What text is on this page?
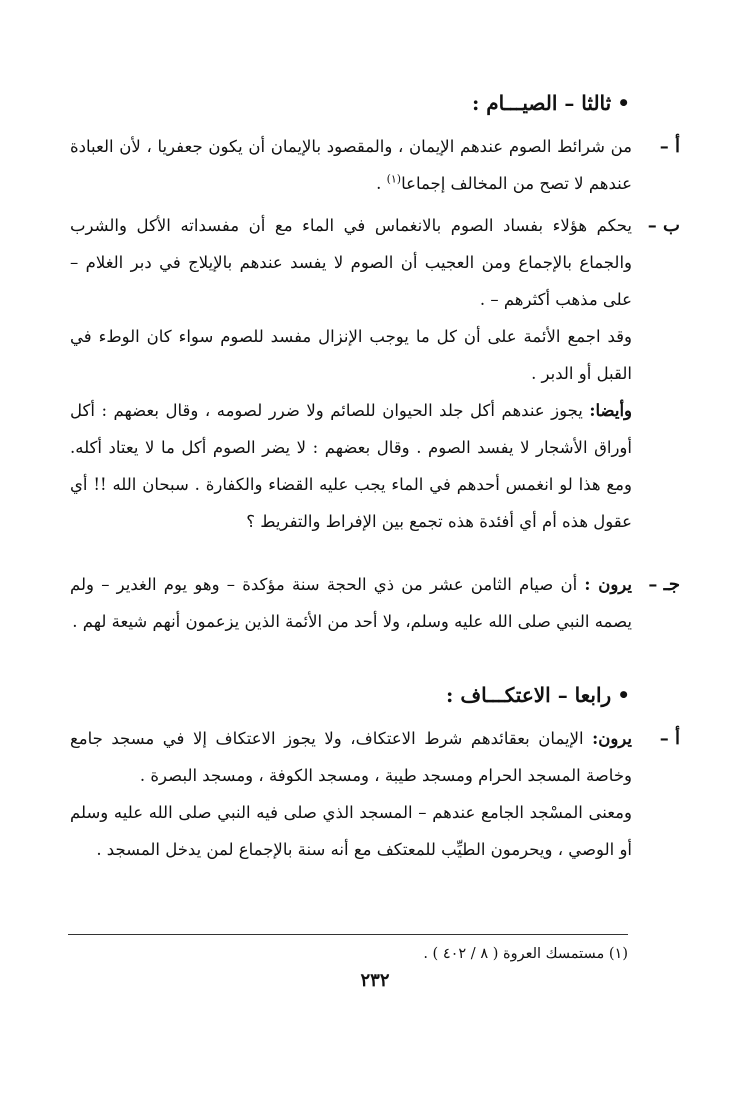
•ثالثا – الصيـــام :
أ –

من شرائط الصوم عندهم الإيمان ، والمقصود بالإيمان أن يكون جعفريا ، لأن العبادة عندهم لا تصح من المخالف إجماعا$^{(١)}$ .

ب –

يحكم هؤلاء بفساد الصوم بالانغماس في الماء مع أن مفسداته الأكل والشرب والجماع بالإجماع ومن العجيب أن الصوم لا يفسد عندهم بالإيلاج في دبر الغلام – على مذهب أكثرهم – .

وقد اجمع الأئمة على أن كل ما يوجب الإنزال مفسد للصوم سواء كان الوطء في القبل أو الدبر .

وأيضا: يجوز عندهم أكل جلد الحيوان للصائم ولا ضرر لصومه ، وقال بعضهم : أكل أوراق الأشجار لا يفسد الصوم . وقال بعضهم : لا يضر الصوم أكل ما لا يعتاد أكله. ومع هذا لو انغمس أحدهم في الماء يجب عليه القضاء والكفارة . سبحان الله !! أي عقول هذه أم أي أفئدة هذه تجمع بين الإفراط والتفريط ؟

جـ –

يرون : أن صيام الثامن عشر من ذي الحجة سنة مؤكدة – وهو يوم الغدير – ولم يصمه النبي صلى الله عليه وسلم، ولا أحد من الأئمة الذين يزعمون أنهم شيعة لهم .

•رابعا – الاعتكـــاف :
أ –

يرون: الإيمان بعقائدهم شرط الاعتكاف، ولا يجوز الاعتكاف إلا في مسجد جامع وخاصة المسجد الحرام ومسجد طيبة ، ومسجد الكوفة ، ومسجد البصرة .

ومعنى المسْجد الجامع عندهم – المسجد الذي صلى فيه النبي صلى الله عليه وسلم أو الوصي ، ويحرمون الطيِّب للمعتكف مع أنه سنة بالإجماع لمن يدخل المسجد .

(١) مستمسك العروة ( ٨ / ٤٠٢ ) .
٢٣٢
